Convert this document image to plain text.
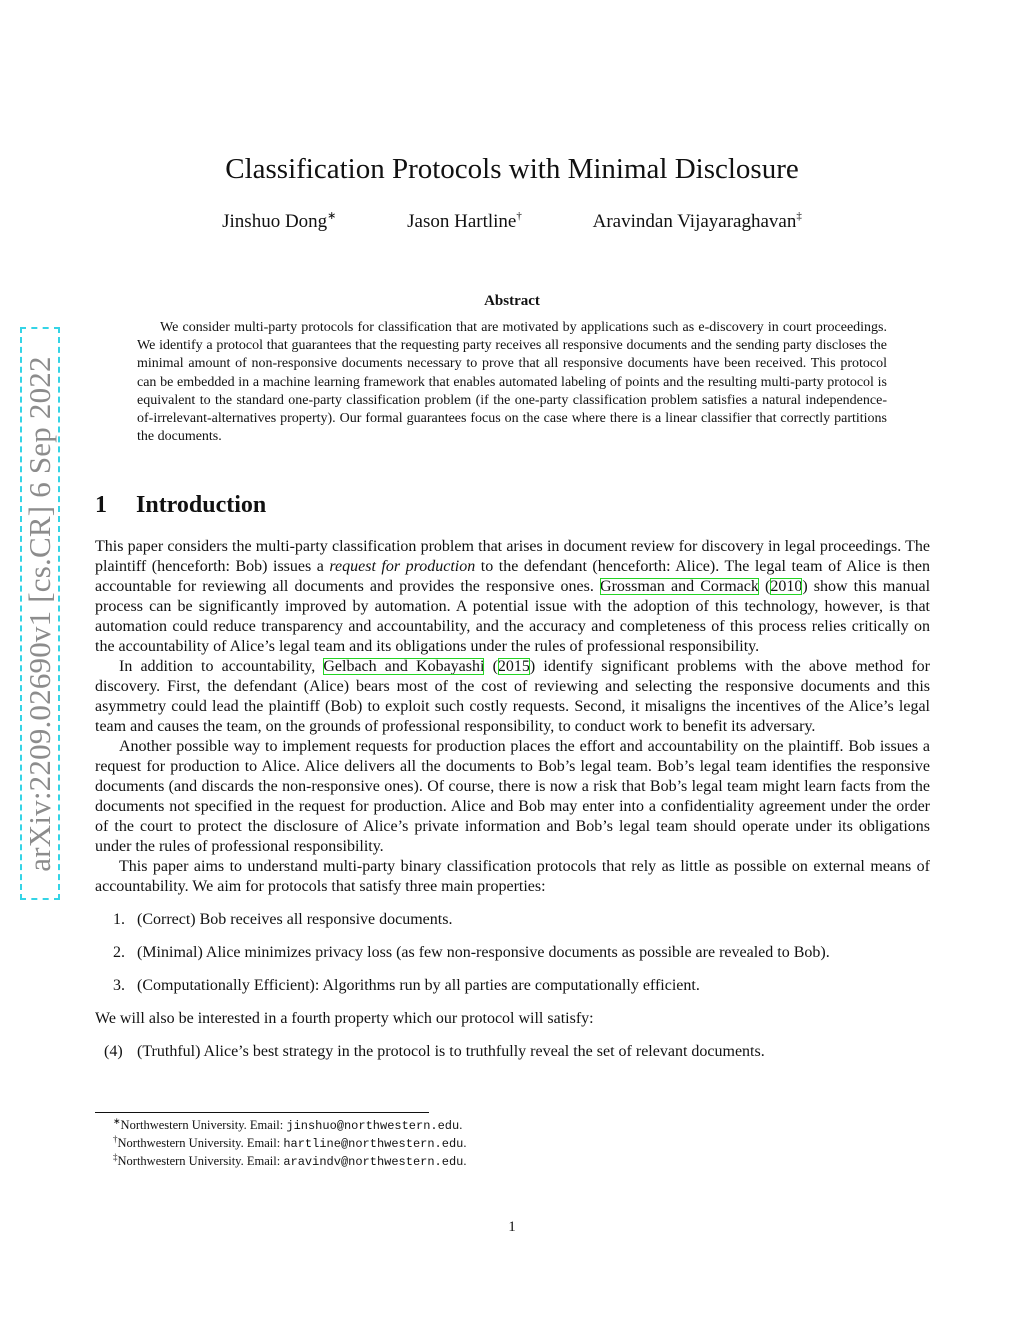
arXiv:2209.02690v1 [cs.CR] 6 Sep 2022
Classification Protocols with Minimal Disclosure
Jinshuo Dong∗	Jason Hartline†	Aravindan Vijayaraghavan‡
Abstract
We consider multi-party protocols for classification that are motivated by applications such as e-discovery in court proceedings. We identify a protocol that guarantees that the requesting party receives all responsive documents and the sending party discloses the minimal amount of non-responsive documents necessary to prove that all responsive documents have been received. This protocol can be embedded in a machine learning framework that enables automated labeling of points and the resulting multi-party protocol is equivalent to the standard one-party classification problem (if the one-party classification problem satisfies a natural independence-of-irrelevant-alternatives property). Our formal guarantees focus on the case where there is a linear classifier that correctly partitions the documents.
1 Introduction

This paper considers the multi-party classification problem that arises in document review for discovery in legal proceedings. The plaintiff (henceforth: Bob) issues a request for production to the defendant (henceforth: Alice). The legal team of Alice is then accountable for reviewing all documents and provides the responsive ones. Grossman and Cormack (2010) show this manual process can be significantly improved by automation. A potential issue with the adoption of this technology, however, is that automation could reduce transparency and accountability, and the accuracy and completeness of this process relies critically on the accountability of Alice’s legal team and its obligations under the rules of professional responsibility.

In addition to accountability, Gelbach and Kobayashi (2015) identify significant problems with the above method for discovery. First, the defendant (Alice) bears most of the cost of reviewing and selecting the responsive documents and this asymmetry could lead the plaintiff (Bob) to exploit such costly requests. Second, it misaligns the incentives of the Alice’s legal team and causes the team, on the grounds of professional responsibility, to conduct work to benefit its adversary.

Another possible way to implement requests for production places the effort and accountability on the plaintiff. Bob issues a request for production to Alice. Alice delivers all the documents to Bob’s legal team. Bob’s legal team identifies the responsive documents (and discards the non-responsive ones). Of course, there is now a risk that Bob’s legal team might learn facts from the documents not specified in the request for production. Alice and Bob may enter into a confidentiality agreement under the order of the court to protect the disclosure of Alice’s private information and Bob’s legal team should operate under its obligations under the rules of professional responsibility.

This paper aims to understand multi-party binary classification protocols that rely as little as possible on external means of accountability. We aim for protocols that satisfy three main properties:

1. (Correct) Bob receives all responsive documents.
2. (Minimal) Alice minimizes privacy loss (as few non-responsive documents as possible are revealed to Bob).
3. (Computationally Efficient): Algorithms run by all parties are computationally efficient.

We will also be interested in a fourth property which our protocol will satisfy:

(4) (Truthful) Alice’s best strategy in the protocol is to truthfully reveal the set of relevant documents.
∗Northwestern University. Email: jinshuo@northwestern.edu.
†Northwestern University. Email: hartline@northwestern.edu.
‡Northwestern University. Email: aravindv@northwestern.edu.
1
